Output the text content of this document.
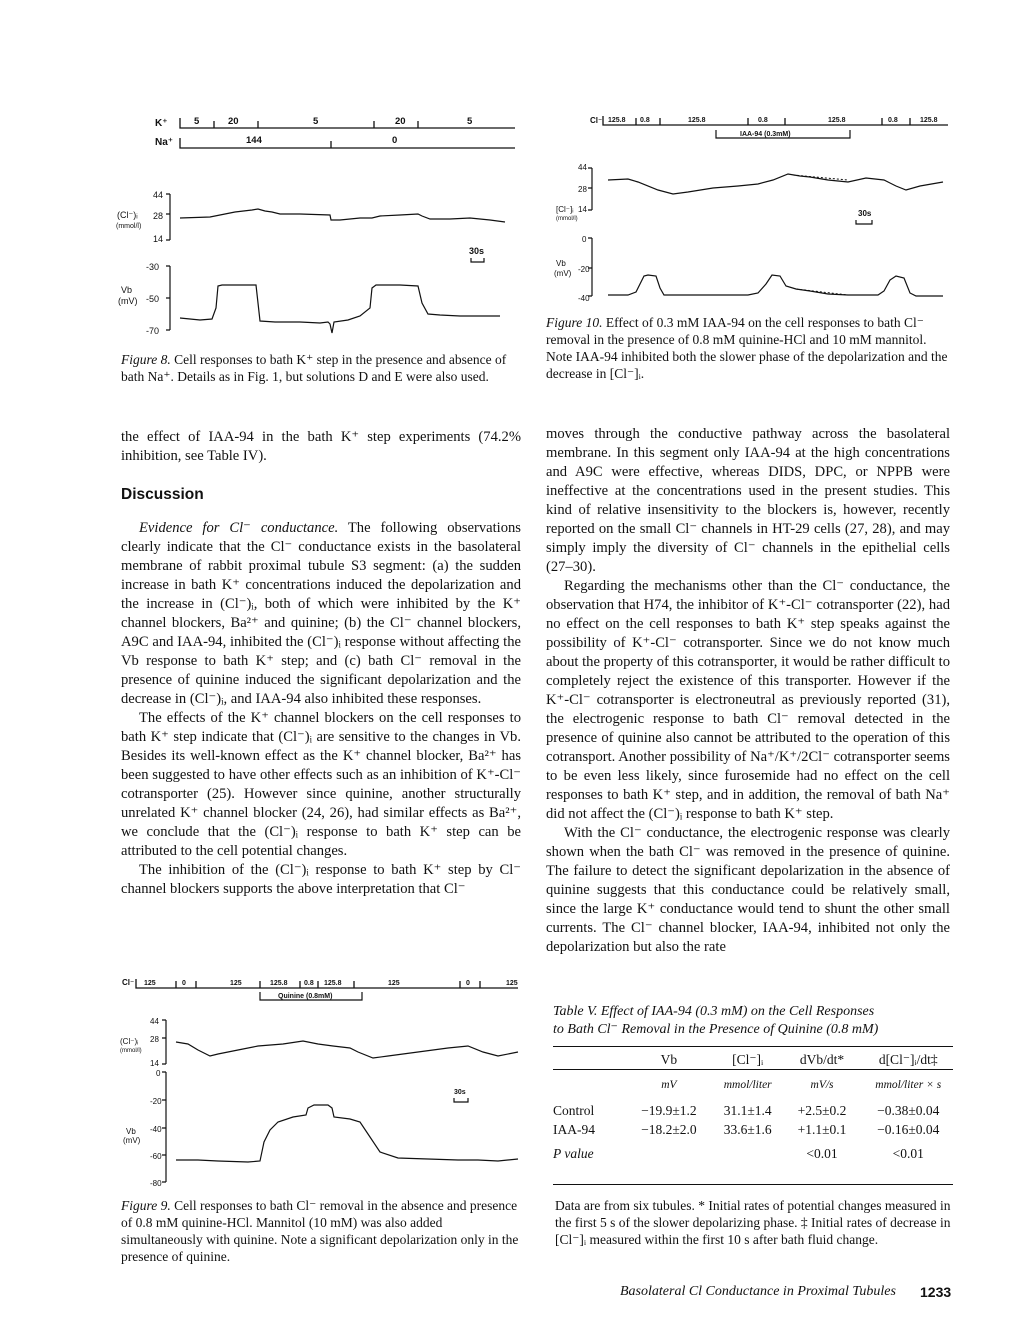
K⁺
Na⁺
5	20	5	20	5
144	0
(Cl⁻)ᵢ
(mmol/l)
44
28
14
30s
Vb
(mV)
-30
-50
-70
Figure 8. Cell responses to bath K⁺ step in the presence and absence of bath Na⁺. Details as in Fig. 1, but solutions D and E were also used.
Cl⁻ 125.8 0.8	125.8	0.8	125.8	0.8	125.8
IAA-94 (0.3mM)
[Cl⁻]ᵢ
(mmol/l)
44
28
14	30s
Vb
(mV)
0
-20
-40
Figure 10. Effect of 0.3 mM IAA-94 on the cell responses to bath Cl⁻ removal in the presence of 0.8 mM quinine-HCl and 10 mM mannitol. Note IAA-94 inhibited both the slower phase of the depolarization and the decrease in [Cl⁻]ᵢ.

the effect of IAA-94 in the bath K⁺ step experiments (74.2% inhibition, see Table IV).

Discussion

Evidence for Cl⁻ conductance. The following observations clearly indicate that the Cl⁻ conductance exists in the basolateral membrane of rabbit proximal tubule S3 segment: (a) the sudden increase in bath K⁺ concentrations induced the depolarization and the increase in (Cl⁻)ᵢ, both of which were inhibited by the K⁺ channel blockers, Ba²⁺ and quinine; (b) the Cl⁻ channel blockers, A9C and IAA-94, inhibited the (Cl⁻)ᵢ response without affecting the Vb response to bath K⁺ step; and (c) bath Cl⁻ removal in the presence of quinine induced the significant depolarization and the decrease in (Cl⁻)ᵢ, and IAA-94 also inhibited these responses.

The effects of the K⁺ channel blockers on the cell responses to bath K⁺ step indicate that (Cl⁻)ᵢ are sensitive to the changes in Vb. Besides its well-known effect as the K⁺ channel blocker, Ba²⁺ has been suggested to have other effects such as an inhibition of K⁺-Cl⁻ cotransporter (25). However since quinine, another structurally unrelated K⁺ channel blocker (24, 26), had similar effects as Ba²⁺, we conclude that the (Cl⁻)ᵢ response to bath K⁺ step can be attributed to the cell potential changes.

The inhibition of the (Cl⁻)ᵢ response to bath K⁺ step by Cl⁻ channel blockers supports the above interpretation that Cl⁻

moves through the conductive pathway across the basolateral membrane. In this segment only IAA-94 at the high concentrations and A9C were effective, whereas DIDS, DPC, or NPPB were ineffective at the concentrations used in the present studies. This kind of relative insensitivity to the blockers is, however, recently reported on the small Cl⁻ channels in HT-29 cells (27, 28), and may simply imply the diversity of Cl⁻ channels in the epithelial cells (27–30).

Regarding the mechanisms other than the Cl⁻ conductance, the observation that H74, the inhibitor of K⁺-Cl⁻ cotransporter (22), had no effect on the cell responses to bath K⁺ step speaks against the possibility of K⁺-Cl⁻ cotransporter. Since we do not know much about the property of this cotransporter, it would be rather difficult to completely reject the existence of this transporter. However if the K⁺-Cl⁻ cotransporter is electroneutral as previously reported (31), the electrogenic response to bath Cl⁻ removal detected in the presence of quinine also cannot be attributed to the operation of this cotransport. Another possibility of Na⁺/K⁺/2Cl⁻ cotransporter seems to be even less likely, since furosemide had no effect on the cell responses to bath K⁺ step, and in addition, the removal of bath Na⁺ did not affect the (Cl⁻)ᵢ response to bath K⁺ step.

With the Cl⁻ conductance, the electrogenic response was clearly shown when the bath Cl⁻ was removed in the presence of quinine. The failure to detect the significant depolarization in the absence of quinine suggests that this conductance could be relatively small, since the large K⁺ conductance would tend to shunt the other small currents. The Cl⁻ channel blocker, IAA-94, inhibited not only the depolarization but also the rate

Cl⁻ 125	0	125	125.8 0.8 125.8	125	0	125
Quinine (0.8mM)
(Cl⁻)ᵢ
(mmol/l)
44
28
14
30s
Vb
(mV)
0
-20
-40
-60
-80
Figure 9. Cell responses to bath Cl⁻ removal in the absence and presence of 0.8 mM quinine-HCl. Mannitol (10 mM) was also added simultaneously with quinine. Note a significant depolarization only in the presence of quinine.
Table V. Effect of IAA-94 (0.3 mM) on the Cell Responses
to Bath Cl⁻ Removal in the Presence of Quinine (0.8 mM)
	Vb	[Cl⁻]ᵢ	dVb/dt*	d[Cl⁻]ᵢ/dt‡
	mV	mmol/liter	mV/s	mmol/liter × s
Control	−19.9±1.2	31.1±1.4	+2.5±0.2	−0.38±0.04
IAA-94	−18.2±2.0	33.6±1.6	+1.1±0.1	−0.16±0.04
P value			<0.01	<0.01
Data are from six tubules. * Initial rates of potential changes measured in the first 5 s of the slower depolarizing phase. ‡ Initial rates of decrease in [Cl⁻]ᵢ measured within the first 10 s after bath fluid change.
Basolateral Cl Conductance in Proximal Tubules 1233
